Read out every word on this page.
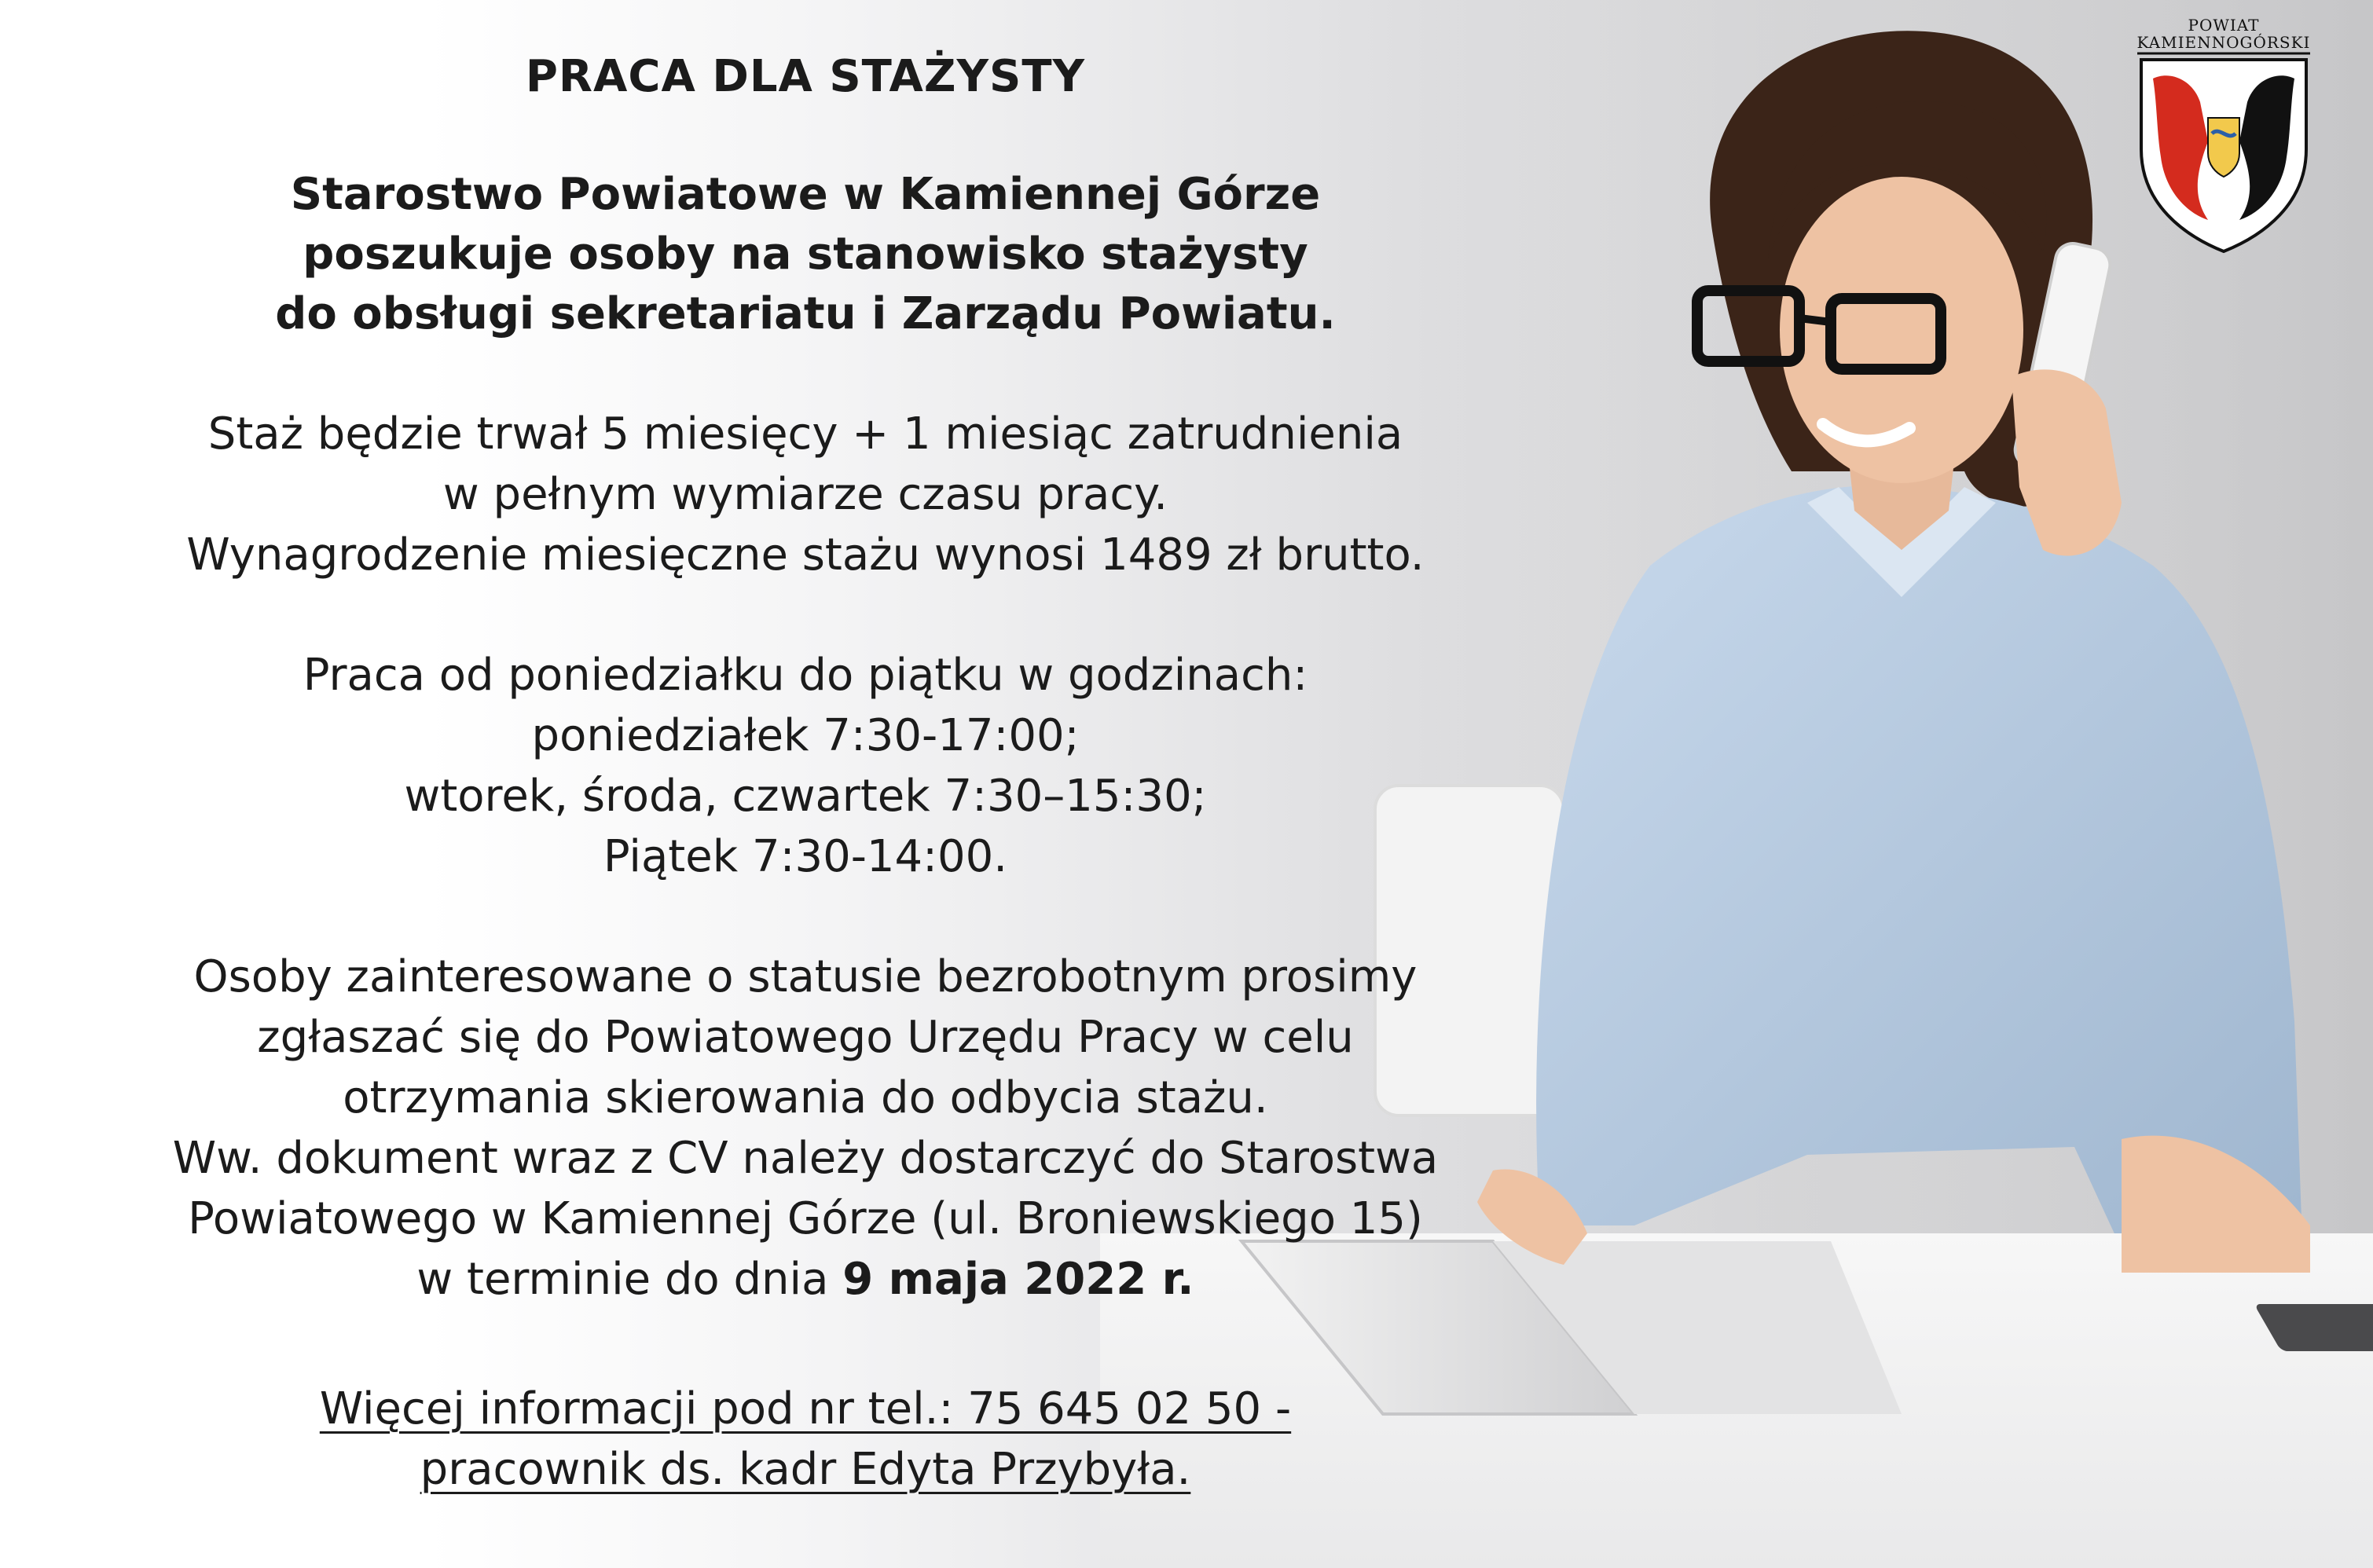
PRACA DLA STAŻYSTY
Starostwo Powiatowe w Kamiennej Górze
poszukuje osoby na stanowisko stażysty
do obsługi sekretariatu i Zarządu Powiatu.
Staż będzie trwał 5 miesięcy + 1 miesiąc zatrudnienia
w pełnym wymiarze czasu pracy.
Wynagrodzenie miesięczne stażu wynosi 1489 zł brutto.
Praca od poniedziałku do piątku w godzinach:
poniedziałek 7:30-17:00;
wtorek, środa, czwartek 7:30–15:30;
Piątek 7:30-14:00.
Osoby zainteresowane o statusie bezrobotnym prosimy
zgłaszać się do Powiatowego Urzędu Pracy w celu
otrzymania skierowania do odbycia stażu.
Ww. dokument wraz z CV należy dostarczyć do Starostwa
Powiatowego w Kamiennej Górze (ul. Broniewskiego 15)
w terminie do dnia 9 maja 2022 r.
Więcej informacji pod nr tel.: 75 645 02 50 -
pracownik ds. kadr Edyta Przybyła.
POWIAT
KAMIENNOGÓRSKI
